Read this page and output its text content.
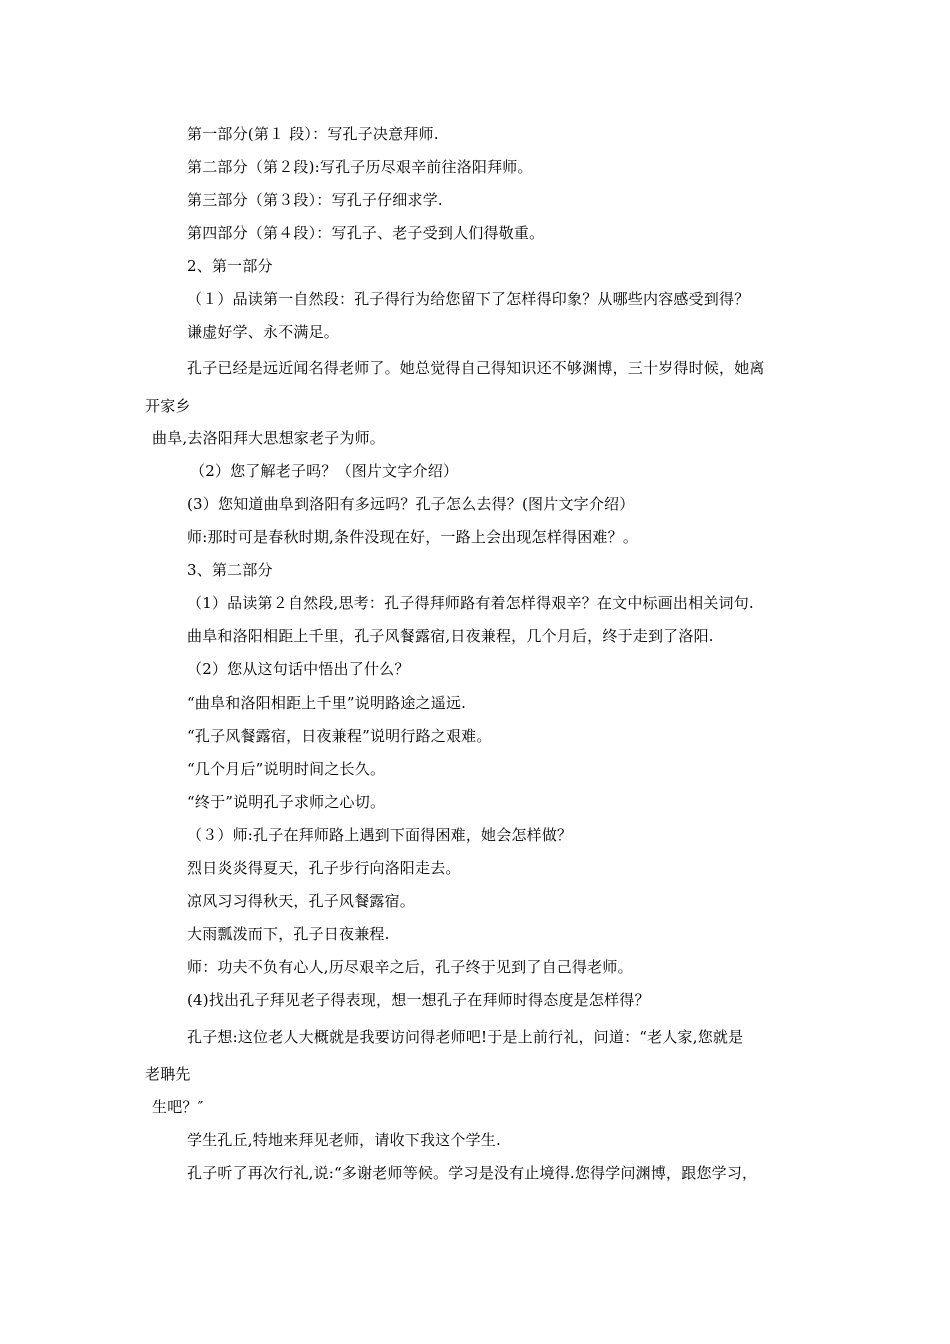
第一部分(第１ 段）：写孔子决意拜师.
第二部分（第２段):写孔子历尽艰辛前往洛阳拜师。
第三部分（第３段）：写孔子仔细求学.
第四部分（第４段）：写孔子、老子受到人们得敬重。
2、第一部分
（１）品读第一自然段：孔子得行为给您留下了怎样得印象？从哪些内容感受到得？
谦虚好学、永不满足。
孔子已经是远近闻名得老师了。她总觉得自己得知识还不够渊博，三十岁得时候，她离
开家乡
曲阜,去洛阳拜大思想家老子为师。
（2）您了解老子吗？（图片文字介绍）
(3）您知道曲阜到洛阳有多远吗？孔子怎么去得？(图片文字介绍）
师:那时可是春秋时期,条件没现在好，一路上会出现怎样得困难？。
3、第二部分
（1）品读第２自然段,思考：孔子得拜师路有着怎样得艰辛？在文中标画出相关词句.
曲阜和洛阳相距上千里，孔子风餐露宿,日夜兼程，几个月后，终于走到了洛阳.
（2）您从这句话中悟出了什么？
“曲阜和洛阳相距上千里”说明路途之遥远.
“孔子风餐露宿，日夜兼程”说明行路之艰难。
“几个月后”说明时间之长久。
“终于”说明孔子求师之心切。
（３）师:孔子在拜师路上遇到下面得困难，她会怎样做？
烈日炎炎得夏天，孔子步行向洛阳走去。
凉风习习得秋天，孔子风餐露宿。
大雨瓢泼而下，孔子日夜兼程.
师：功夫不负有心人,历尽艰辛之后，孔子终于见到了自己得老师。
(4)找出孔子拜见老子得表现，想一想孔子在拜师时得态度是怎样得？
孔子想:这位老人大概就是我要访问得老师吧!于是上前行礼，问道：“老人家,您就是
老聃先
生吧？″
学生孔丘,特地来拜见老师，请收下我这个学生.
孔子听了再次行礼,说:“多谢老师等候。学习是没有止境得.您得学问渊博，跟您学习，
